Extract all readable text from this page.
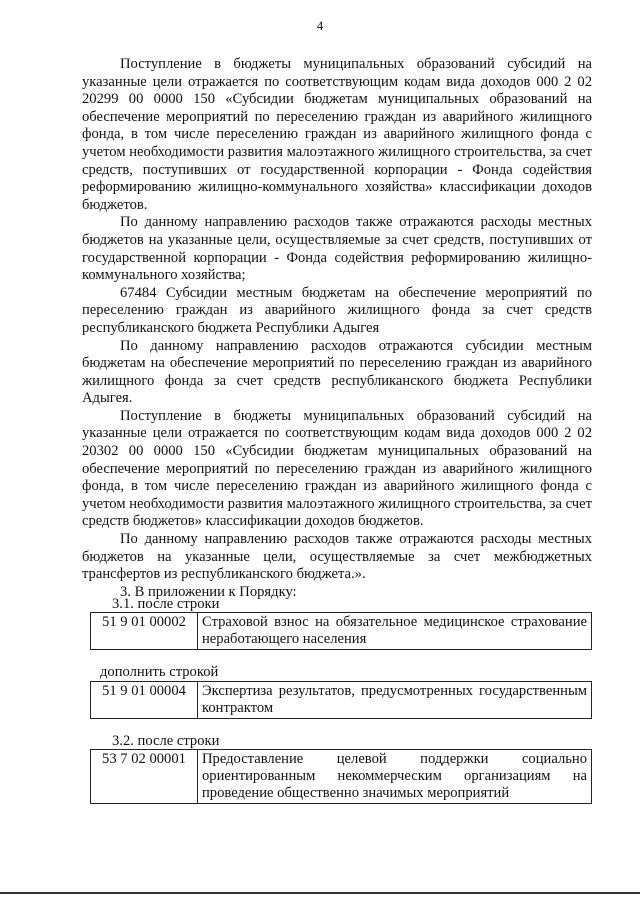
4

Поступление в бюджеты муниципальных образований субсидий на указанные цели отражается по соответствующим кодам вида доходов 000 2 02 20299 00 0000 150 «Субсидии бюджетам муниципальных образований на обеспечение мероприятий по переселению граждан из аварийного жилищного фонда, в том числе переселению граждан из аварийного жилищного фонда с учетом необходимости развития малоэтажного жилищного строительства, за счет средств, поступивших от государственной корпорации - Фонда содействия реформированию жилищно-коммунального хозяйства» классификации доходов бюджетов.

По данному направлению расходов также отражаются расходы местных бюджетов на указанные цели, осуществляемые за счет средств, поступивших от государственной корпорации - Фонда содействия реформированию жилищно-коммунального хозяйства;

67484 Субсидии местным бюджетам на обеспечение мероприятий по переселению граждан из аварийного жилищного фонда за счет средств республиканского бюджета Республики Адыгея

По данному направлению расходов отражаются субсидии местным бюджетам на обеспечение мероприятий по переселению граждан из аварийного жилищного фонда за счет средств республиканского бюджета Республики Адыгея.

Поступление в бюджеты муниципальных образований субсидий на указанные цели отражается по соответствующим кодам вида доходов 000 2 02 20302 00 0000 150 «Субсидии бюджетам муниципальных образований на обеспечение мероприятий по переселению граждан из аварийного жилищного фонда, в том числе переселению граждан из аварийного жилищного фонда с учетом необходимости развития малоэтажного жилищного строительства, за счет средств бюджетов» классификации доходов бюджетов.

По данному направлению расходов также отражаются расходы местных бюджетов на указанные цели, осуществляемые за счет межбюджетных трансфертов из республиканского бюджета.».

3. В приложении к Порядку:

3.1. после строки
51 9 01 00002	Страховой взнос на обязательное медицинское страхование неработающего населения
дополнить строкой
51 9 01 00004	Экспертиза результатов, предусмотренных государственным контрактом
3.2. после строки
53 7 02 00001	Предоставление целевой поддержки социально ориентированным некоммерческим организациям на проведение общественно значимых мероприятий
